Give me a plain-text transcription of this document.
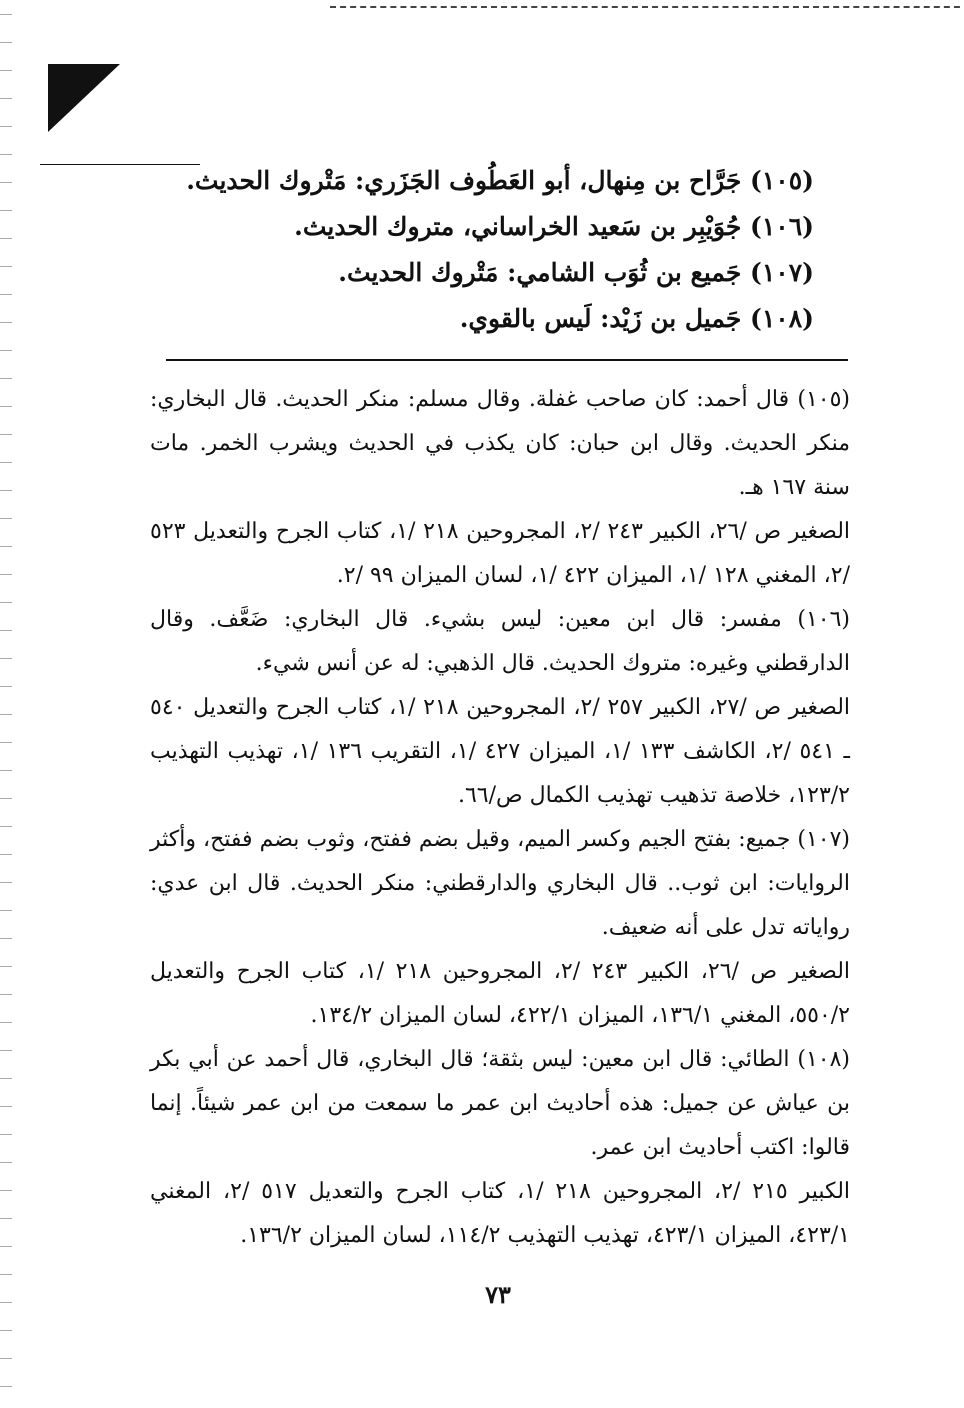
(١٠٥) جَرَّاح بن مِنهال، أبو العَطُوف الجَزَري: مَتْروك الحديث.
(١٠٦) جُوَيْبِر بن سَعيد الخراساني، متروك الحديث.
(١٠٧) جَميع بن ثُوَب الشامي: مَتْروك الحديث.
(١٠٨) جَميل بن زَيْد: لَيس بالقوي.

(١٠٥) قال أحمد: كان صاحب غفلة. وقال مسلم: منكر الحديث. قال البخاري: منكر الحديث. وقال ابن حبان: كان يكذب في الحديث ويشرب الخمر. مات سنة ١٦٧ هـ.

الصغير ص /٢٦، الكبير ٢٤٣ /٢، المجروحين ٢١٨ /١، كتاب الجرح والتعديل ٥٢٣ /٢، المغني ١٢٨ /١، الميزان ٤٢٢ /١، لسان الميزان ٩٩ /٢.

(١٠٦) مفسر: قال ابن معين: ليس بشيء. قال البخاري: ضَعَّف. وقال الدارقطني وغيره: متروك الحديث. قال الذهبي: له عن أنس شيء.

الصغير ص /٢٧، الكبير ٢٥٧ /٢، المجروحين ٢١٨ /١، كتاب الجرح والتعديل ٥٤٠ ـ ٥٤١ /٢، الكاشف ١٣٣ /١، الميزان ٤٢٧ /١، التقريب ١٣٦ /١، تهذيب التهذيب ١٢٣/٢، خلاصة تذهيب تهذيب الكمال ص/٦٦.

(١٠٧) جميع: بفتح الجيم وكسر الميم، وقيل بضم ففتح، وثوب بضم ففتح، وأكثر الروايات: ابن ثوب.. قال البخاري والدارقطني: منكر الحديث. قال ابن عدي: رواياته تدل على أنه ضعيف.

الصغير ص /٢٦، الكبير ٢٤٣ /٢، المجروحين ٢١٨ /١، كتاب الجرح والتعديل ٥٥٠/٢، المغني ١٣٦/١، الميزان ٤٢٢/١، لسان الميزان ١٣٤/٢.

(١٠٨) الطائي: قال ابن معين: ليس بثقة؛ قال البخاري، قال أحمد عن أبي بكر بن عياش عن جميل: هذه أحاديث ابن عمر ما سمعت من ابن عمر شيئاً. إنما قالوا: اكتب أحاديث ابن عمر.

الكبير ٢١٥ /٢، المجروحين ٢١٨ /١، كتاب الجرح والتعديل ٥١٧ /٢، المغني ٤٢٣/١، الميزان ٤٢٣/١، تهذيب التهذيب ١١٤/٢، لسان الميزان ١٣٦/٢.

٧٣
